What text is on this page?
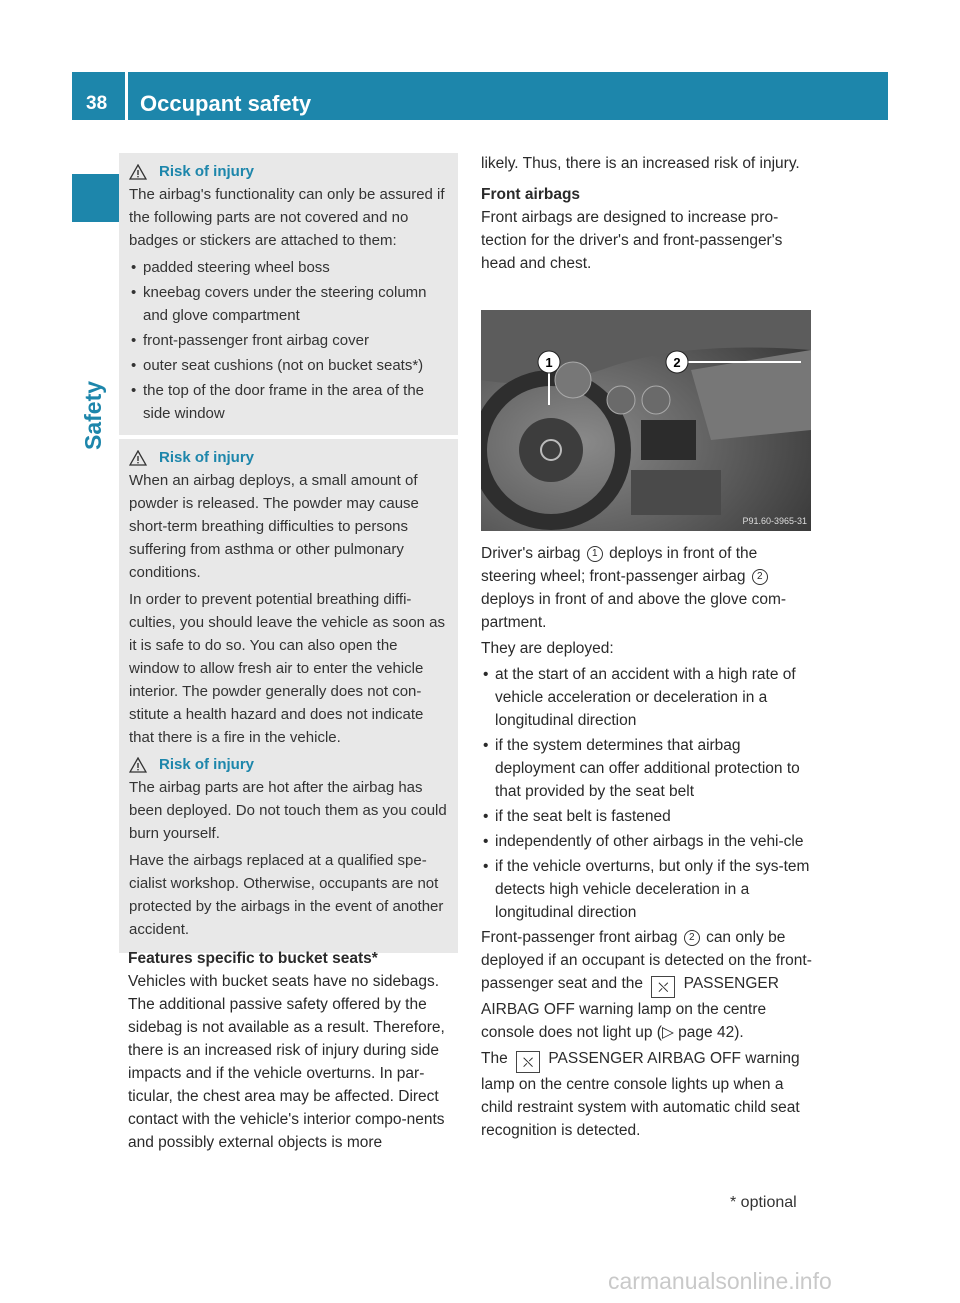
38	Occupant safety
Safety
Risk of injury

The airbag's functionality can only be assured if the following parts are not covered and no badges or stickers are attached to them:

• padded steering wheel boss
• kneebag covers under the steering column and glove compartment
• front-passenger front airbag cover
• outer seat cushions (not on bucket seats*)
• the top of the door frame in the area of the side window
Risk of injury

When an airbag deploys, a small amount of powder is released. The powder may cause short-term breathing difficulties to persons suffering from asthma or other pulmonary conditions.

In order to prevent potential breathing diffi-culties, you should leave the vehicle as soon as it is safe to do so. You can also open the window to allow fresh air to enter the vehicle interior. The powder generally does not con-stitute a health hazard and does not indicate that there is a fire in the vehicle.

Risk of injury

The airbag parts are hot after the airbag has been deployed. Do not touch them as you could burn yourself.

Have the airbags replaced at a qualified spe-cialist workshop. Otherwise, occupants are not protected by the airbags in the event of another accident.

Features specific to bucket seats*

Vehicles with bucket seats have no sidebags. The additional passive safety offered by the sidebag is not available as a result. Therefore, there is an increased risk of injury during side impacts and if the vehicle overturns. In par-ticular, the chest area may be affected. Direct contact with the vehicle's interior compo-nents and possibly external objects is more

likely. Thus, there is an increased risk of injury.

Front airbags

Front airbags are designed to increase pro-tection for the driver's and front-passenger's head and chest.

1	2
P91.60-3965-31

Driver's airbag 1 deploys in front of the steering wheel; front-passenger airbag 2 deploys in front of and above the glove com-partment.

They are deployed:

• at the start of an accident with a high rate of vehicle acceleration or deceleration in a longitudinal direction
• if the system determines that airbag deployment can offer additional protection to that provided by the seat belt
• if the seat belt is fastened
• independently of other airbags in the vehi-cle
• if the vehicle overturns, but only if the sys-tem detects high vehicle deceleration in a longitudinal direction

Front-passenger front airbag 2 can only be deployed if an occupant is detected on the front-passenger seat and the ⛌ PASSENGER AIRBAG OFF warning lamp on the centre console does not light up (▷ page 42).

The ⛌ PASSENGER AIRBAG OFF warning lamp on the centre console lights up when a child restraint system with automatic child seat recognition is detected.

* optional
carmanualsonline.info
